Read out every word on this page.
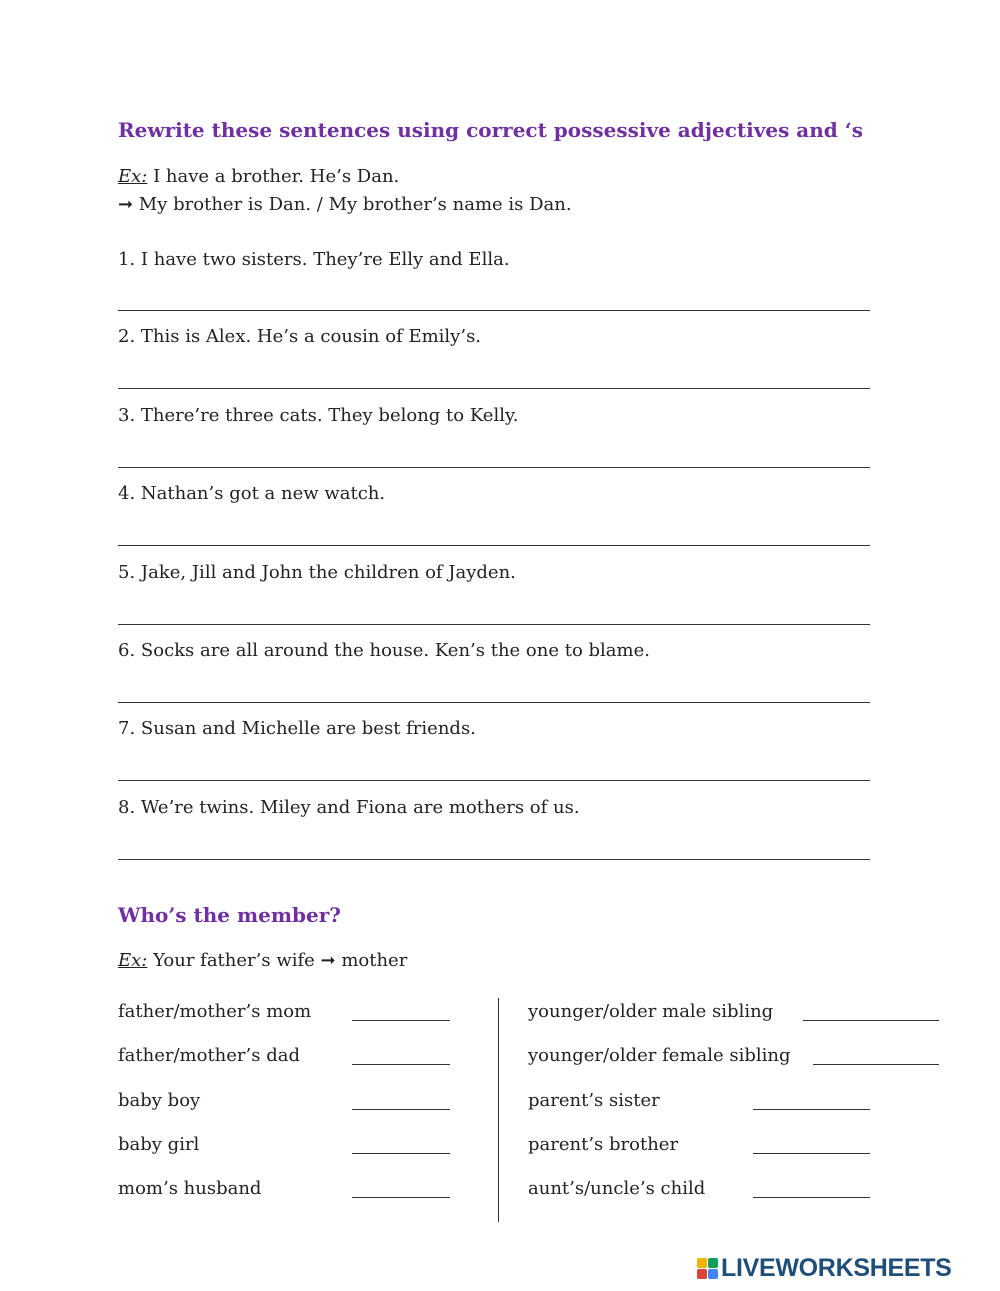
Rewrite these sentences using correct possessive adjectives and ‘s
Ex: I have a brother. He’s Dan.
➞ My brother is Dan. / My brother’s name is Dan.
1. I have two sisters. They’re Elly and Ella.
2. This is Alex. He’s a cousin of Emily’s.
3. There’re three cats. They belong to Kelly.
4. Nathan’s got a new watch.
5. Jake, Jill and John the children of Jayden.
6. Socks are all around the house. Ken’s the one to blame.
7. Susan and Michelle are best friends.
8. We’re twins. Miley and Fiona are mothers of us.
Who’s the member?
Ex: Your father’s wife ➞ mother
father/mother’s mom
father/mother’s dad
baby boy
baby girl
mom’s husband
younger/older male sibling
younger/older female sibling
parent’s sister
parent’s brother
aunt’s/uncle’s child
LIVEWORKSHEETS
